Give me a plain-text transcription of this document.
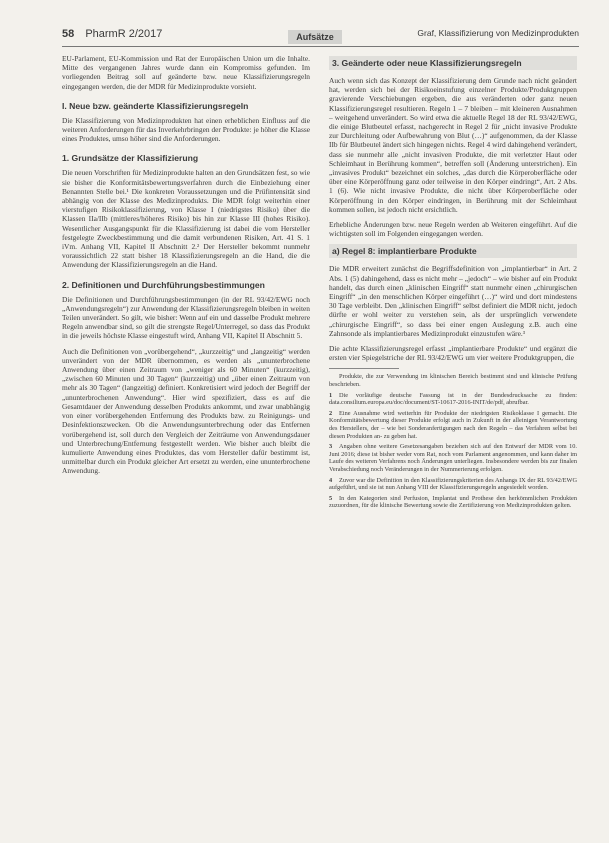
58 PharmR 2/2017	Aufsätze	Graf, Klassifizierung von Medizinprodukten

EU-Parlament, EU-Kommission und Rat der Europäischen Union um die Inhalte. Mitte des vergangenen Jahres wurde dann ein Kompromiss gefunden. Im vorliegenden Beitrag soll auf geänderte bzw. neue Klassifizierungsregeln eingegangen werden, die der MDR für Medizinprodukte vorsieht.

I. Neue bzw. geänderte Klassifizierungsregeln

Die Klassifizierung von Medizinprodukten hat einen erheblichen Einfluss auf die weiteren Anforderungen für das Inverkehrbringen der Produkte: je höher die Klasse eines Produktes, umso höher sind die Anforderungen.

1. Grundsätze der Klassifizierung

Die neuen Vorschriften für Medizinprodukte halten an den Grundsätzen fest, so wie sie bisher die Konformitätsbewertungsverfahren durch die Einbeziehung einer Benannten Stelle bei.¹ Die konkreten Voraussetzungen und die Prüfintensität sind abhängig von der Klasse des Medizinprodukts. Die MDR folgt weiterhin einer vierstufigen Risikoklassifizierung, von Klasse I (niedrigstes Risiko) über die Klassen IIa/IIb (mittleres/höheres Risiko) bis hin zur Klasse III (hohes Risiko). Wesentlicher Ausgangspunkt für die Klassifizierung ist dabei die vom Hersteller festgelegte Zweckbestimmung und die damit verbundenen Risiken, Art. 41 S. 1 iVm. Anhang VII, Kapitel II Abschnitt 2.² Der Hersteller bekommt nunmehr voraussichtlich 22 statt bisher 18 Klassifizierungsregeln an die Hand, die die Anwendung der Klassifizierungsregeln an die Hand.

2. Definitionen und Durchführungsbestimmungen

Die Definitionen und Durchführungsbestimmungen (in der RL 93/42/EWG noch „Anwendungsregeln“) zur Anwendung der Klassifizierungsregeln bleiben in weiten Teilen unverändert. So gilt, wie bisher: Wenn auf ein und dasselbe Produkt mehrere Regeln anwendbar sind, so gilt die strengste Regel/Unterregel, so dass das Produkt in die jeweils höchste Klasse eingestuft wird, Anhang VII, Kapitel II Abschnitt 5.

Auch die Definitionen von „vorübergehend“, „kurzzeitig“ und „langzeitig“ werden unverändert von der MDR übernommen, es werden als „ununterbrochene Anwendung über einen Zeitraum von „weniger als 60 Minuten“ (kurzzeitig), „zwischen 60 Minuten und 30 Tagen“ (kurzzeitig) und „über einen Zeitraum von mehr als 30 Tagen“ (langzeitig) definiert. Konkretisiert wird jedoch der Begriff der „ununterbrochenen Anwendung“. Hier wird spezifiziert, dass es auf die Gesamtdauer der Anwendung desselben Produkts ankommt, und zwar unabhängig von einer vorübergehenden Entfernung des Produkts bzw. zu Reinigungs- und Desinfektionszwecken. Ob die Anwendungsunterbrechung oder das Entfernen vorübergehend ist, soll durch den Vergleich der Zeiträume von Anwendungsdauer und Unterbrechung/Entfernung festgestellt werden. Wie bisher auch bleibt die kumulierte Anwendung eines Produktes, das vom Hersteller dafür bestimmt ist, unmittelbar durch ein Produkt gleicher Art ersetzt zu werden, eine ununterbrochene Anwendung.

3. Geänderte oder neue Klassifizierungsregeln

Auch wenn sich das Konzept der Klassifizierung dem Grunde nach nicht geändert hat, werden sich bei der Risikoeinstufung einzelner Produkte/Produktgruppen gravierende Verschiebungen ergeben, die aus veränderten oder ganz neuen Klassifizierungsregel resultieren. Regeln 1 – 7 bleiben – mit kleineren Ausnahmen – weitgehend unverändert. So wird etwa die aktuelle Regel 18 der RL 93/42/EWG, die einige Blutbeutel erfasst, nachgerecht in Regel 2 für „nicht invasive Produkte zur Durchleitung oder Aufbewahrung von Blut (…)“ aufgenommen, da der Klasse IIb für Blutbeutel ändert sich hingegen nichts. Regel 4 wird dahingehend verändert, dass sie nunmehr alle „nicht invasiven Produkte, die mit verletzter Haut oder Schleimhaut in Berührung kommen“, betreffen soll (Änderung unterstrichen). Ein „invasives Produkt“ bezeichnet ein solches, „das durch die Körperoberfläche oder über eine Körperöffnung ganz oder teilweise in den Körper eindringt“, Art. 2 Abs. 1 (6). Wie nicht invasive Produkte, die nicht über Körperoberfläche oder Körperöffnung in den Körper eindringen, in Berührung mit der Schleimhaut kommen sollen, ist jedoch nicht ersichtlich.

Erhebliche Änderungen bzw. neue Regeln werden ab Weiteren eingeführt. Auf die wichtigsten soll im Folgenden eingegangen werden.

a) Regel 8: implantierbare Produkte

Die MDR erweitert zunächst die Begriffsdefinition von „implantierbar“ in Art. 2 Abs. 1 (5) dahingehend, dass es nicht mehr – „jedoch“ – wie bisher auf ein Produkt handelt, das durch einen „klinischen Eingriff“ statt nunmehr einen „chirurgischen Eingriff“ „in den menschlichen Körper eingeführt (…)“ wird und dort mindestens 30 Tage verbleibt. Den „klinischen Eingriff“ selbst definiert die MDR nicht, jedoch dürfte er wohl weiter zu verstehen sein, als der ursprünglich verwendete „chirurgische Eingriff“, so dass bei einer engen Auslegung z.B. auch eine Zahnsonde als implantierbares Medizinprodukt einzustufen wäre.³

Die achte Klassifizierungsregel erfasst „implantierbare Produkte“ und ergänzt die ersten vier Spiegelstriche der RL 93/42/EWG um vier weitere Produktgruppen, die

Produkte, die zur Verwendung im klinischen Bereich bestimmt sind und klinische Prüfung beschrieben.

1 Die vorläufige deutsche Fassung ist in der Bundesdrucksache zu finden: data.consilium.europa.eu/doc/document/ST-10617-2016-INIT/de/pdf, abrufbar.

2 Eine Ausnahme wird weiterhin für Produkte der niedrigsten Risikoklasse I gemacht. Die Konformitätsbewertung dieser Produkte erfolgt auch in Zukunft in der alleinigen Verantwortung des Herstellers, der – wie bei Sonderanfertigungen nach den Regeln – das Verfahren selbst bei diesen Produkten an- zu geben hat.

3 Angaben ohne weitere Gesetzesangaben beziehen sich auf den Entwurf der MDR vom 10. Juni 2016; diese ist bisher weder vom Rat, noch vom Parlament angenommen, und kann daher im Laufe des weiteren Verfahrens noch Änderungen unterliegen. Insbesondere werden bis zur finalen Verabschiedung noch Veränderungen in der Nummerierung erfolgen.

4 Zuvor war die Definition in den Klassifizierungskriterien des Anhangs IX der RL 93/42/EWG aufgeführt, und sie ist nun Anhang VIII der Klassifizierungsregeln angesiedelt worden.

5 In den Kategorien sind Perfusion, Implantat und Prothese den herkömmlichen Produkten zuzuordnen, für die klinische Bewertung sowie die Zertifizierung von Medizinprodukten gelten.
